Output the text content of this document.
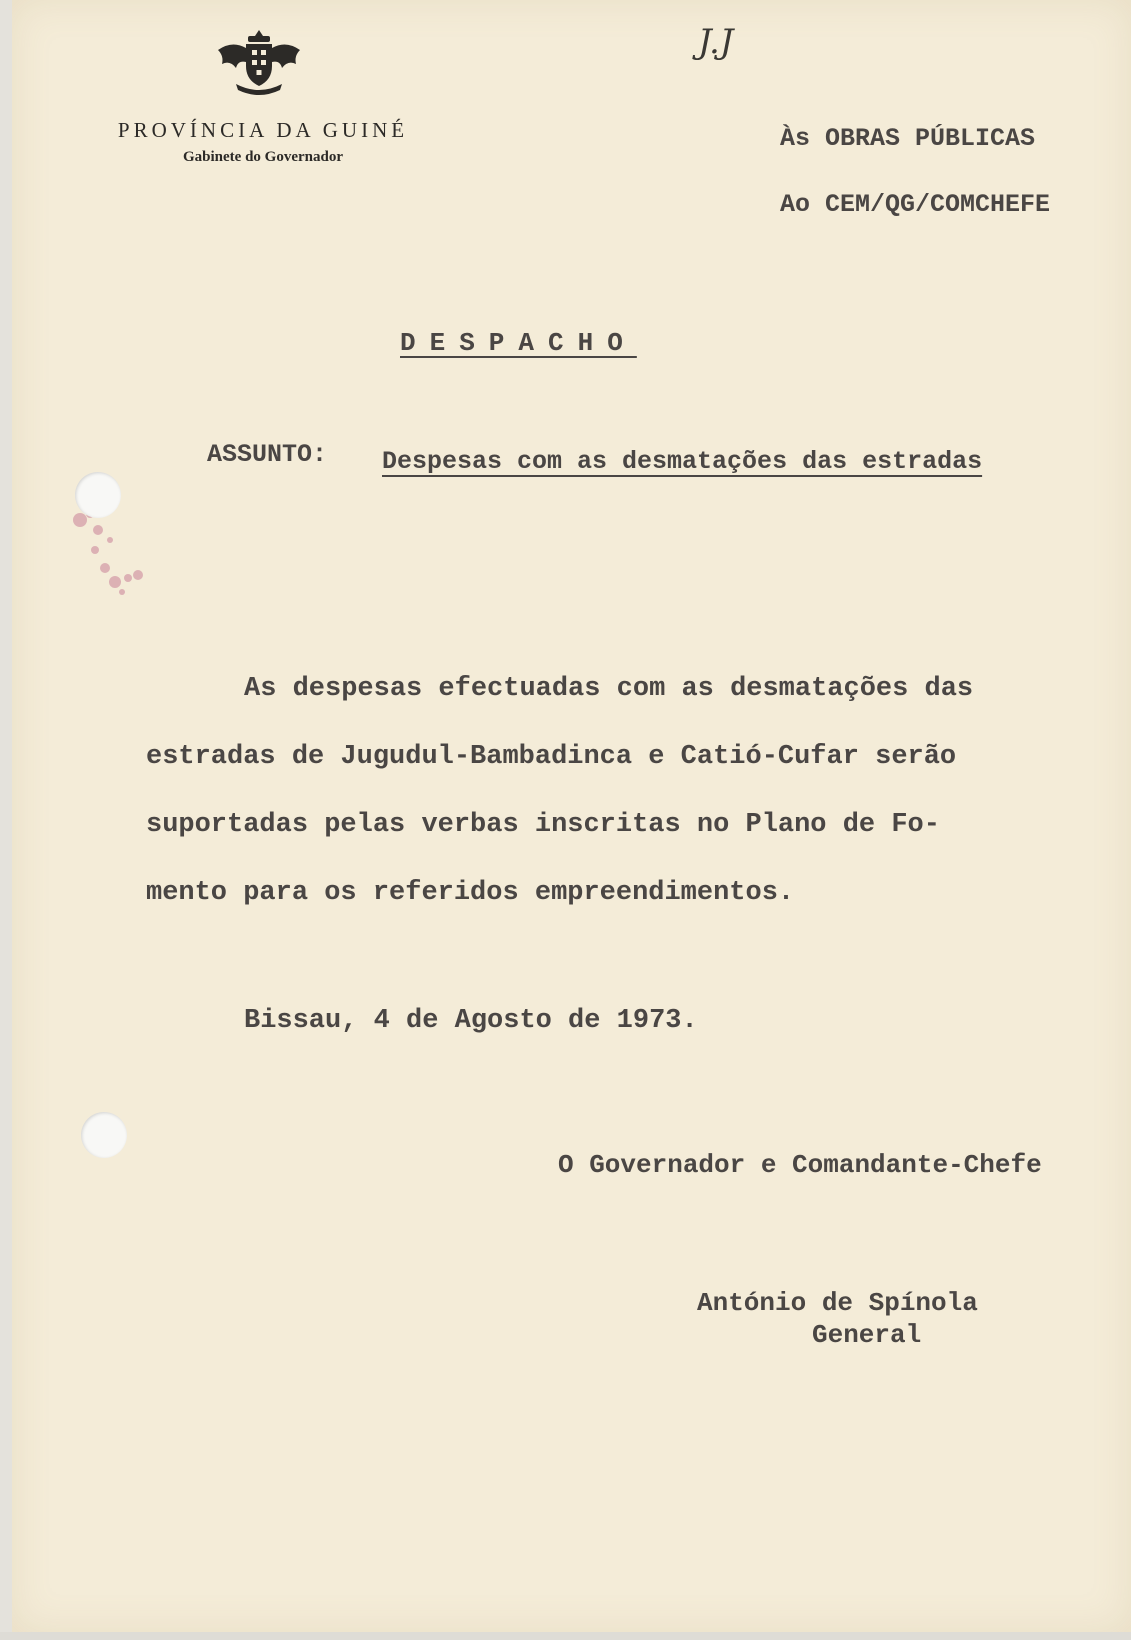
PROVÍNCIA DA GUINÉ
Gabinete do Governador
J.J
Às OBRAS PÚBLICAS
Ao CEM/QG/COMCHEFE
DESPACHO
ASSUNTO: Despesas com as desmatações das estradas
As despesas efectuadas com as desmatações das
estradas de Jugudul-Bambadinca e Catió-Cufar serão
suportadas pelas verbas inscritas no Plano de Fo-
mento para os referidos empreendimentos.
Bissau, 4 de Agosto de 1973.
O Governador e Comandante-Chefe
António de Spínola
General
